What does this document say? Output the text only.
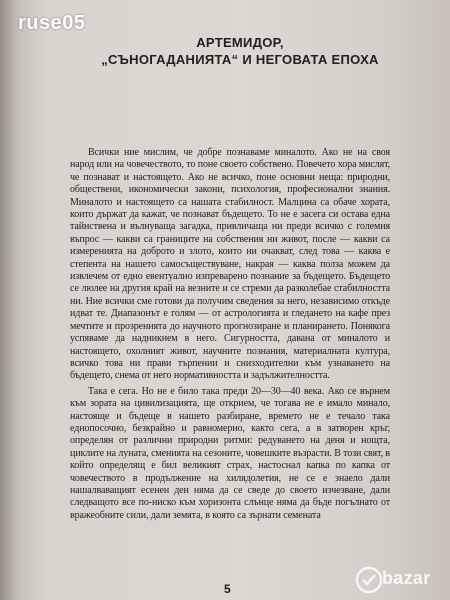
ruse05
АРТЕМИДОР,
„СЪНОГАДАНИЯТА“ И НЕГОВАТА ЕПОХА

Всички ние мислим, че добре познаваме миналото. Ако не на своя народ или на човечеството, то поне своето собствено. Повечето хора мислят, че познават и настоящето. Ако не всичко, поне основни неща: природни, обществени, икономически закони, психология, професионални знания. Миналото и настоящето са нашата стабилност. Малцина са обаче хората, които държат да кажат, че познават бъдещето. То не е засега си остава една тайнствена и вълнуваща загадка, привличаща ни преди всичко с големия въпрос — какви са границите на собствения ни живот, после — какви са измеренията на доброто и злото, които ни очакват, след това — каква е степента на нашето самосъществуване, накрая — каква полза можем да извлечем от едно евентуално изпреварено познание за бъдещето. Бъдещето се люлее на другия край на везните и се стреми да разколебае стабилността ни. Ние всички сме готови да получим сведения за него, независимо откъде идват те. Диапазонът е голям — от астрологията и гледането на кафе през мечтите и прозренията до научното прогнозиране и планирането. Понякога успяваме да надникнем в него. Сигурността, давана от миналото и настоящето, охолният живот, научните познания, материалната култура, всичко това ни прави търпении и снизходителни към узнаването на бъдещето, снема от него нормативността и задължителността.

Така е сега. Но не е било така преди 20—30—40 века. Ако се върнем към зората на цивилизацията, ще открием, че тогава не е имало минало, настояще и бъдеще в нашето разбиране, времето не е течало така еднопосочно, безкрайно и равномерно, както сега, а в затворен кръг, определян от различни природни ритми: редуването на деня и нощта, циклите на луната, сменията на сезоните, човешките възрасти. В този свят, в който определящ е бил великият страх, настоснал капка по капка от човечеството в продължение на хилядолетия, не се е знаело дали нашалваващият есенен ден няма да се сведе до своето изчезване, дали следващото все по-ниско към хоризонта слънце няма да бъде погълнато от вражеобните сили, дали земята, в която са зърнати семената

5
bazar
